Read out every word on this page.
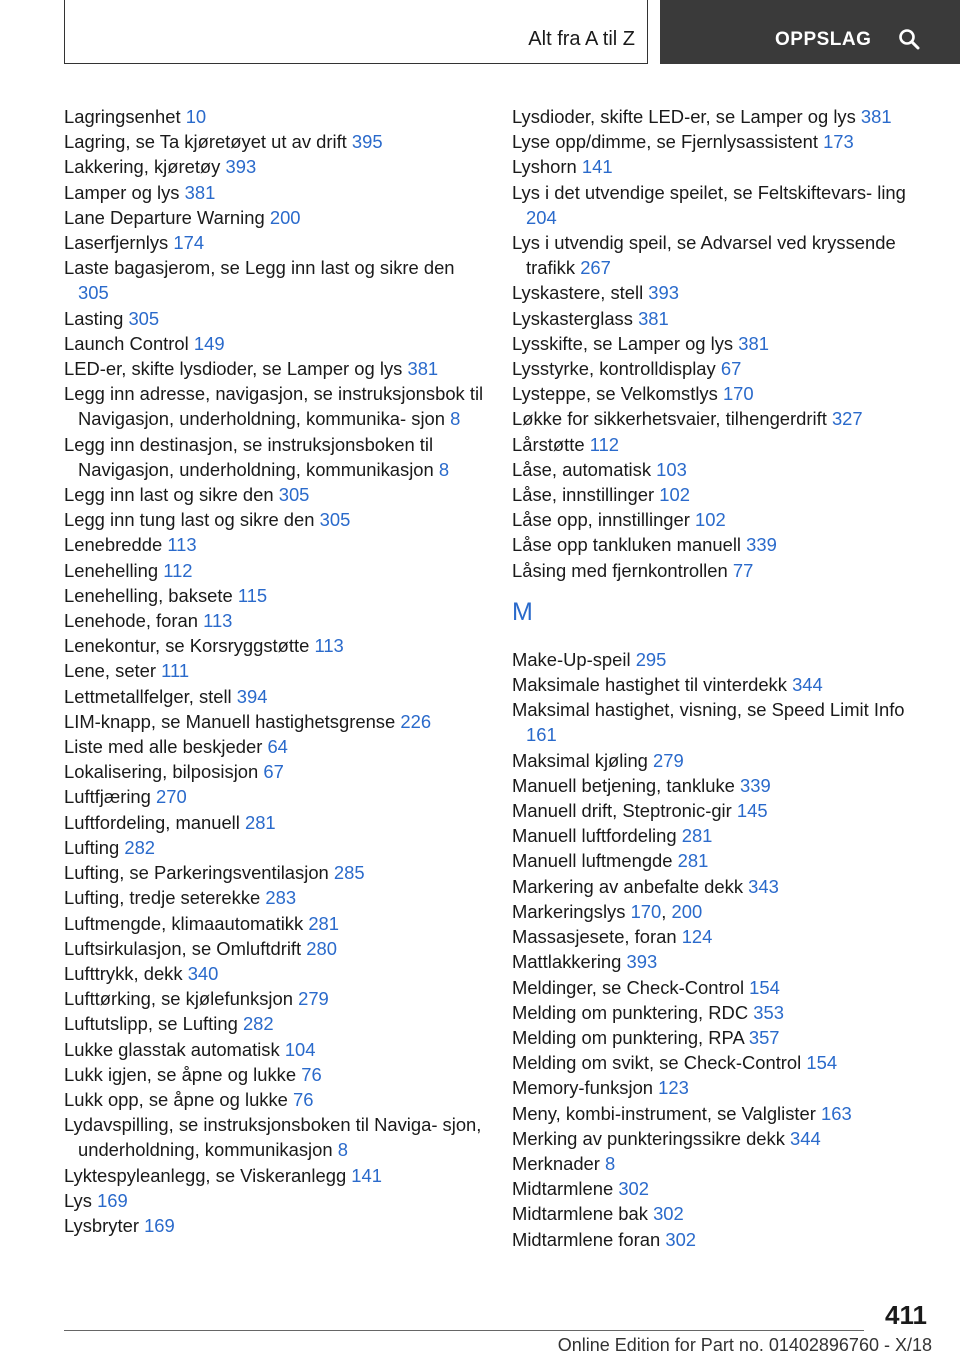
Alt fra A til Z	OPPSLAG
Lagringsenhet 10
Lagring, se Ta kjøretøyet ut av drift 395
Lakkering, kjøretøy 393
Lamper og lys 381
Lane Departure Warning 200
Laserfjernlys 174
Laste bagasjerom, se Legg inn last og sikre den 305
Lasting 305
Launch Control 149
LED-er, skifte lysdioder, se Lamper og lys 381
Legg inn adresse, navigasjon, se instruksjonsbok til Navigasjon, underholdning, kommunika‐ sjon 8
Legg inn destinasjon, se instruksjonsboken til Navigasjon, underholdning, kommunikasjon 8
Legg inn last og sikre den 305
Legg inn tung last og sikre den 305
Lenebredde 113
Lenehelling 112
Lenehelling, baksete 115
Lenehode, foran 113
Lenekontur, se Korsryggstøtte 113
Lene, seter 111
Lettmetallfelger, stell 394
LIM-knapp, se Manuell hastighetsgrense 226
Liste med alle beskjeder 64
Lokalisering, bilposisjon 67
Luftfjæring 270
Luftfordeling, manuell 281
Lufting 282
Lufting, se Parkeringsventilasjon 285
Lufting, tredje seterekke 283
Luftmengde, klimaautomatikk 281
Luftsirkulasjon, se Omluftdrift 280
Lufttrykk, dekk 340
Lufttørking, se kjølefunksjon 279
Luftutslipp, se Lufting 282
Lukke glasstak automatisk 104
Lukk igjen, se åpne og lukke 76
Lukk opp, se åpne og lukke 76
Lydavspilling, se instruksjonsboken til Naviga‐ sjon, underholdning, kommunikasjon 8
Lyktespyleanlegg, se Viskeranlegg 141
Lys 169
Lysbryter 169
Lysdioder, skifte LED-er, se Lamper og lys 381
Lyse opp/dimme, se Fjernlysassistent 173
Lyshorn 141
Lys i det utvendige speilet, se Feltskiftevars‐ ling 204
Lys i utvendig speil, se Advarsel ved kryssende trafikk 267
Lyskastere, stell 393
Lyskasterglass 381
Lysskifte, se Lamper og lys 381
Lysstyrke, kontrolldisplay 67
Lysteppe, se Velkomstlys 170
Løkke for sikkerhetsvaier, tilhengerdrift 327
Lårstøtte 112
Låse, automatisk 103
Låse, innstillinger 102
Låse opp, innstillinger 102
Låse opp tankluken manuell 339
Låsing med fjernkontrollen 77
M
Make-Up-speil 295
Maksimale hastighet til vinterdekk 344
Maksimal hastighet, visning, se Speed Limit Info 161
Maksimal kjøling 279
Manuell betjening, tankluke 339
Manuell drift, Steptronic-gir 145
Manuell luftfordeling 281
Manuell luftmengde 281
Markering av anbefalte dekk 343
Markeringslys 170, 200
Massasjesete, foran 124
Mattlakkering 393
Meldinger, se Check-Control 154
Melding om punktering, RDC 353
Melding om punktering, RPA 357
Melding om svikt, se Check-Control 154
Memory-funksjon 123
Meny, kombi-instrument, se Valglister 163
Merking av punkteringssikre dekk 344
Merknader 8
Midtarmlene 302
Midtarmlene bak 302
Midtarmlene foran 302
411
Online Edition for Part no. 01402896760 - X/18
